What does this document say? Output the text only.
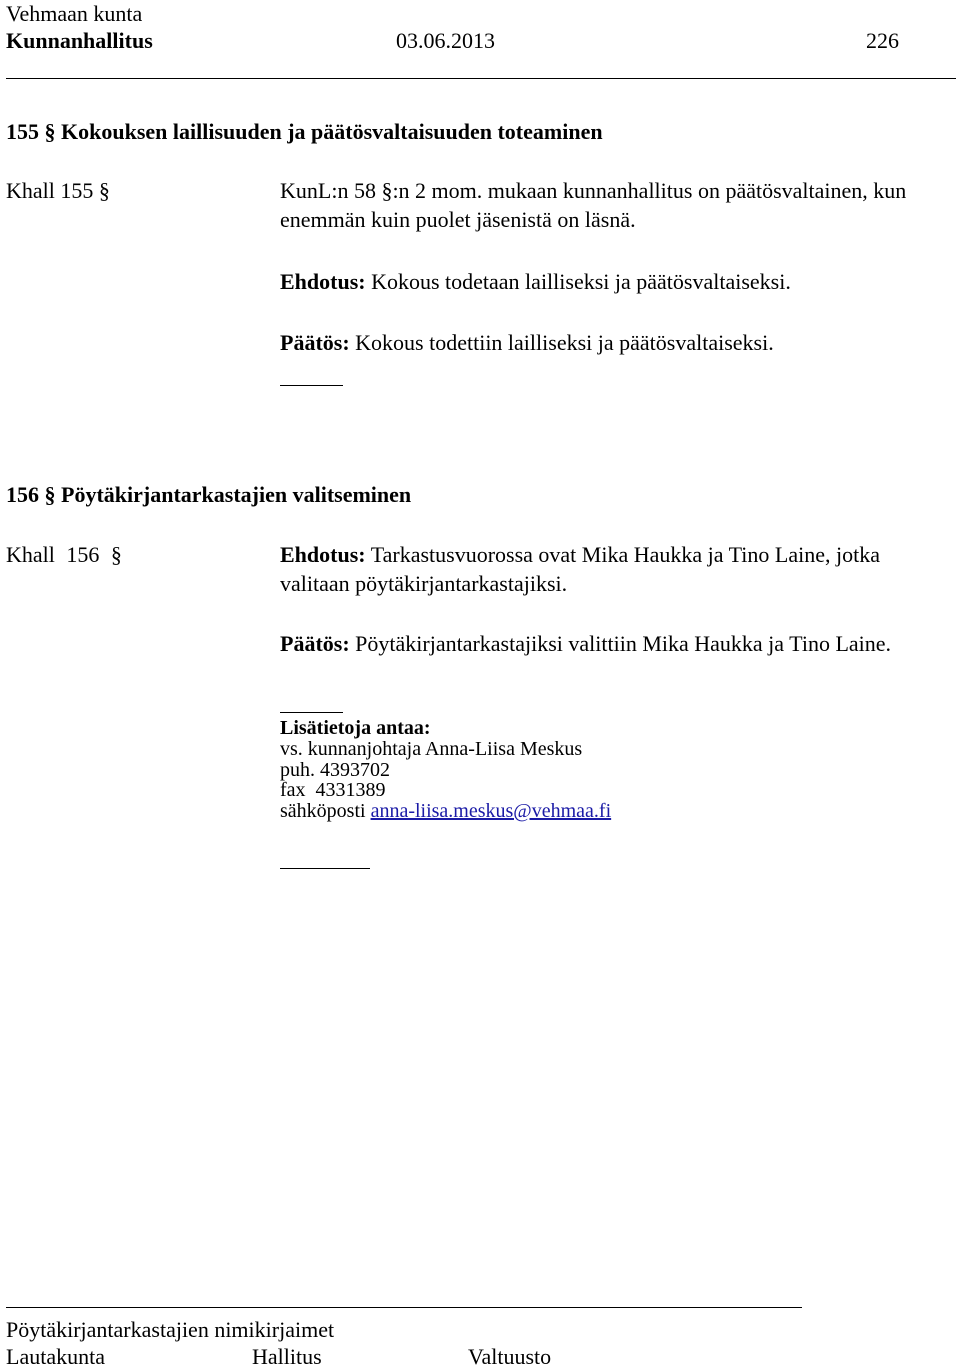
Vehmaan kunta
Kunnanhallitus	03.06.2013	226
155 § Kokouksen laillisuuden ja päätösvaltaisuuden toteaminen
Khall 155 §	KunL:n 58 §:n 2 mom. mukaan kunnanhallitus on päätösvaltainen, kun enemmän kuin puolet jäsenistä on läsnä.
Ehdotus: Kokous todetaan lailliseksi ja päätösvaltaiseksi.
Päätös: Kokous todettiin lailliseksi ja päätösvaltaiseksi.
156 § Pöytäkirjantarkastajien valitseminen
Khall 156 §	Ehdotus: Tarkastusvuorossa ovat Mika Haukka ja Tino Laine, jotka valitaan pöytäkirjantarkastajiksi.
Päätös: Pöytäkirjantarkastajiksi valittiin Mika Haukka ja Tino Laine.
Lisätietoja antaa:
vs. kunnanjohtaja Anna-Liisa Meskus
puh. 4393702
fax  4331389
sähköposti anna-liisa.meskus@vehmaa.fi
Pöytäkirjantarkastajien nimikirjaimet
Lautakunta	Hallitus	Valtuusto
